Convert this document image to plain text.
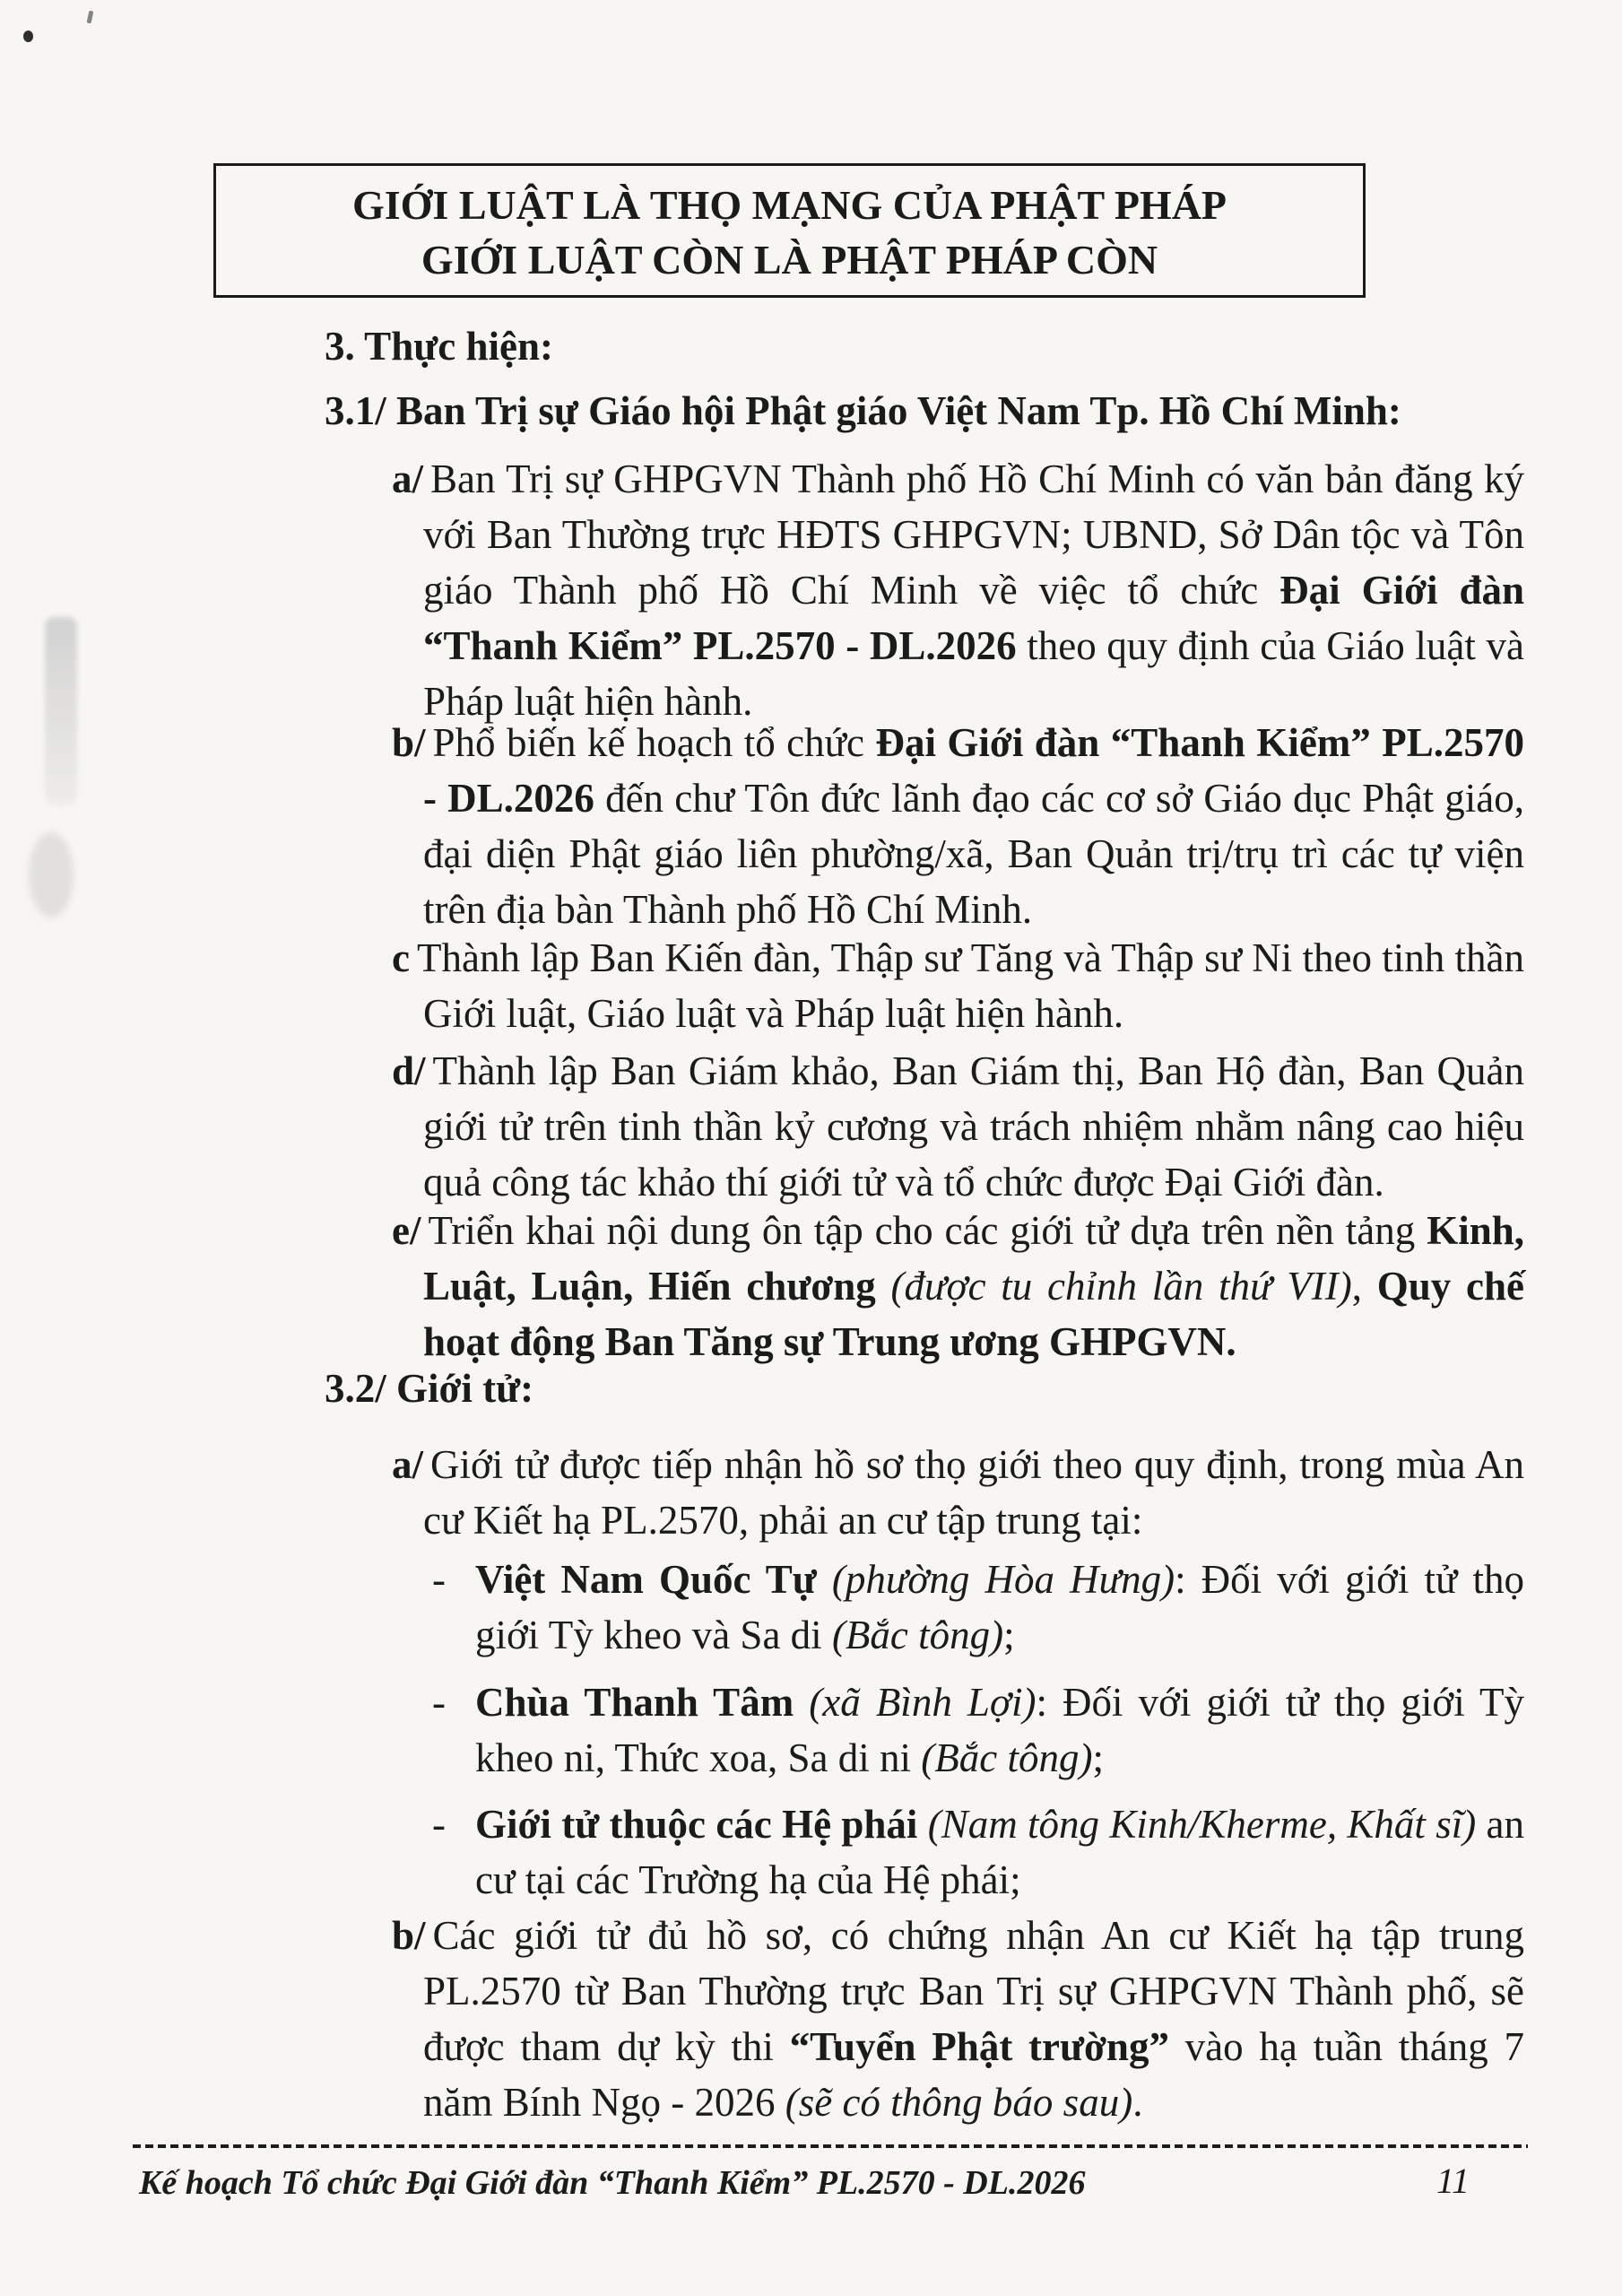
GIỚI LUẬT LÀ THỌ MẠNG CỦA PHẬT PHÁP
GIỚI LUẬT CÒN LÀ PHẬT PHÁP CÒN
3. Thực hiện:
3.1/ Ban Trị sự Giáo hội Phật giáo Việt Nam Tp. Hồ Chí Minh:
a/ Ban Trị sự GHPGVN Thành phố Hồ Chí Minh có văn bản đăng ký với Ban Thường trực HĐTS GHPGVN; UBND, Sở Dân tộc và Tôn giáo Thành phố Hồ Chí Minh về việc tổ chức Đại Giới đàn “Thanh Kiểm” PL.2570 - DL.2026 theo quy định của Giáo luật và Pháp luật hiện hành.
b/ Phổ biến kế hoạch tổ chức Đại Giới đàn “Thanh Kiểm” PL.2570 - DL.2026 đến chư Tôn đức lãnh đạo các cơ sở Giáo dục Phật giáo, đại diện Phật giáo liên phường/xã, Ban Quản trị/trụ trì các tự viện trên địa bàn Thành phố Hồ Chí Minh.
c Thành lập Ban Kiến đàn, Thập sư Tăng và Thập sư Ni theo tinh thần Giới luật, Giáo luật và Pháp luật hiện hành.
d/ Thành lập Ban Giám khảo, Ban Giám thị, Ban Hộ đàn, Ban Quản giới tử trên tinh thần kỷ cương và trách nhiệm nhằm nâng cao hiệu quả công tác khảo thí giới tử và tổ chức được Đại Giới đàn.
e/ Triển khai nội dung ôn tập cho các giới tử dựa trên nền tảng Kinh, Luật, Luận, Hiến chương (được tu chỉnh lần thứ VII), Quy chế hoạt động Ban Tăng sự Trung ương GHPGVN.
3.2/ Giới tử:
a/ Giới tử được tiếp nhận hồ sơ thọ giới theo quy định, trong mùa An cư Kiết hạ PL.2570, phải an cư tập trung tại:
- Việt Nam Quốc Tự (phường Hòa Hưng): Đối với giới tử thọ giới Tỳ kheo và Sa di (Bắc tông);
- Chùa Thanh Tâm (xã Bình Lợi): Đối với giới tử thọ giới Tỳ kheo ni, Thức xoa, Sa di ni (Bắc tông);
- Giới tử thuộc các Hệ phái (Nam tông Kinh/Kherme, Khất sĩ) an cư tại các Trường hạ của Hệ phái;
b/ Các giới tử đủ hồ sơ, có chứng nhận An cư Kiết hạ tập trung PL.2570 từ Ban Thường trực Ban Trị sự GHPGVN Thành phố, sẽ được tham dự kỳ thi “Tuyển Phật trường” vào hạ tuần tháng 7 năm Bính Ngọ - 2026 (sẽ có thông báo sau).
Kế hoạch Tổ chức Đại Giới đàn “Thanh Kiểm” PL.2570 - DL.2026	11
